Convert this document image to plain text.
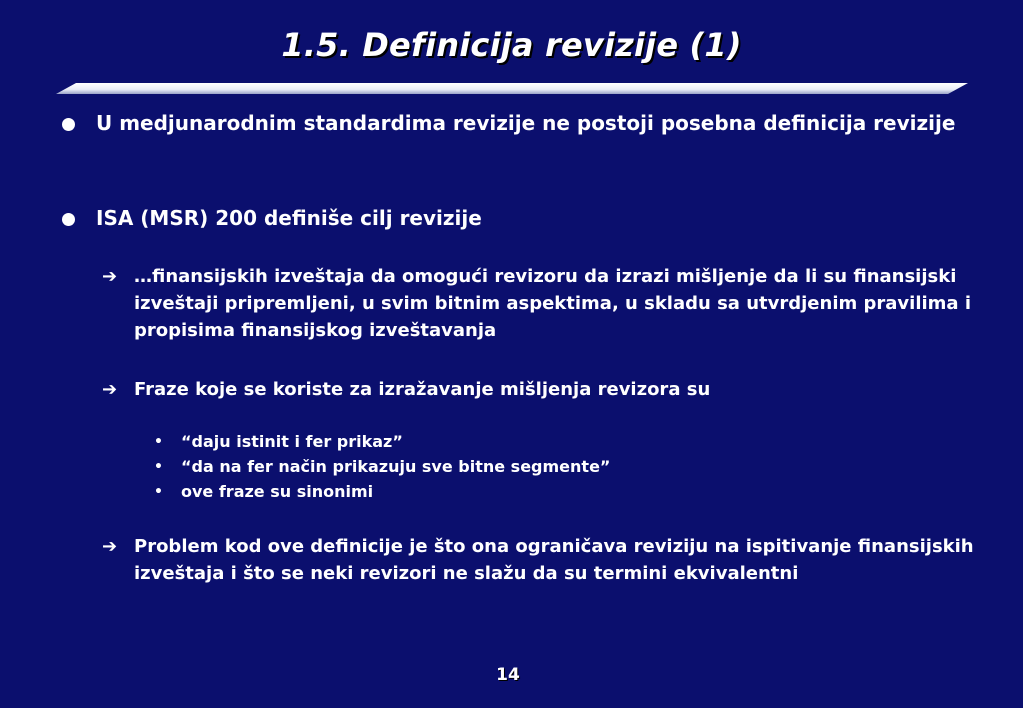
1.5. Definicija revizije (1)
U medjunarodnim standardima revizije ne postoji posebna definicija revizije
ISA (MSR) 200 definiše cilj revizije
➔ …finansijskih izveštaja da omogući revizoru da izrazi mišljenje da li su finansijski izveštaji pripremljeni, u svim bitnim aspektima, u skladu sa utvrdjenim pravilima i propisima finansijskog izveštavanja
➔ Fraze koje se koriste za izražavanje mišljenja revizora su
• “daju istinit i fer prikaz”
• “da na fer način prikazuju sve bitne segmente”
• ove fraze su sinonimi
➔ Problem kod ove definicije je što ona ograničava reviziju na ispitivanje finansijskih izveštaja i što se neki revizori ne slažu da su termini ekvivalentni
14
